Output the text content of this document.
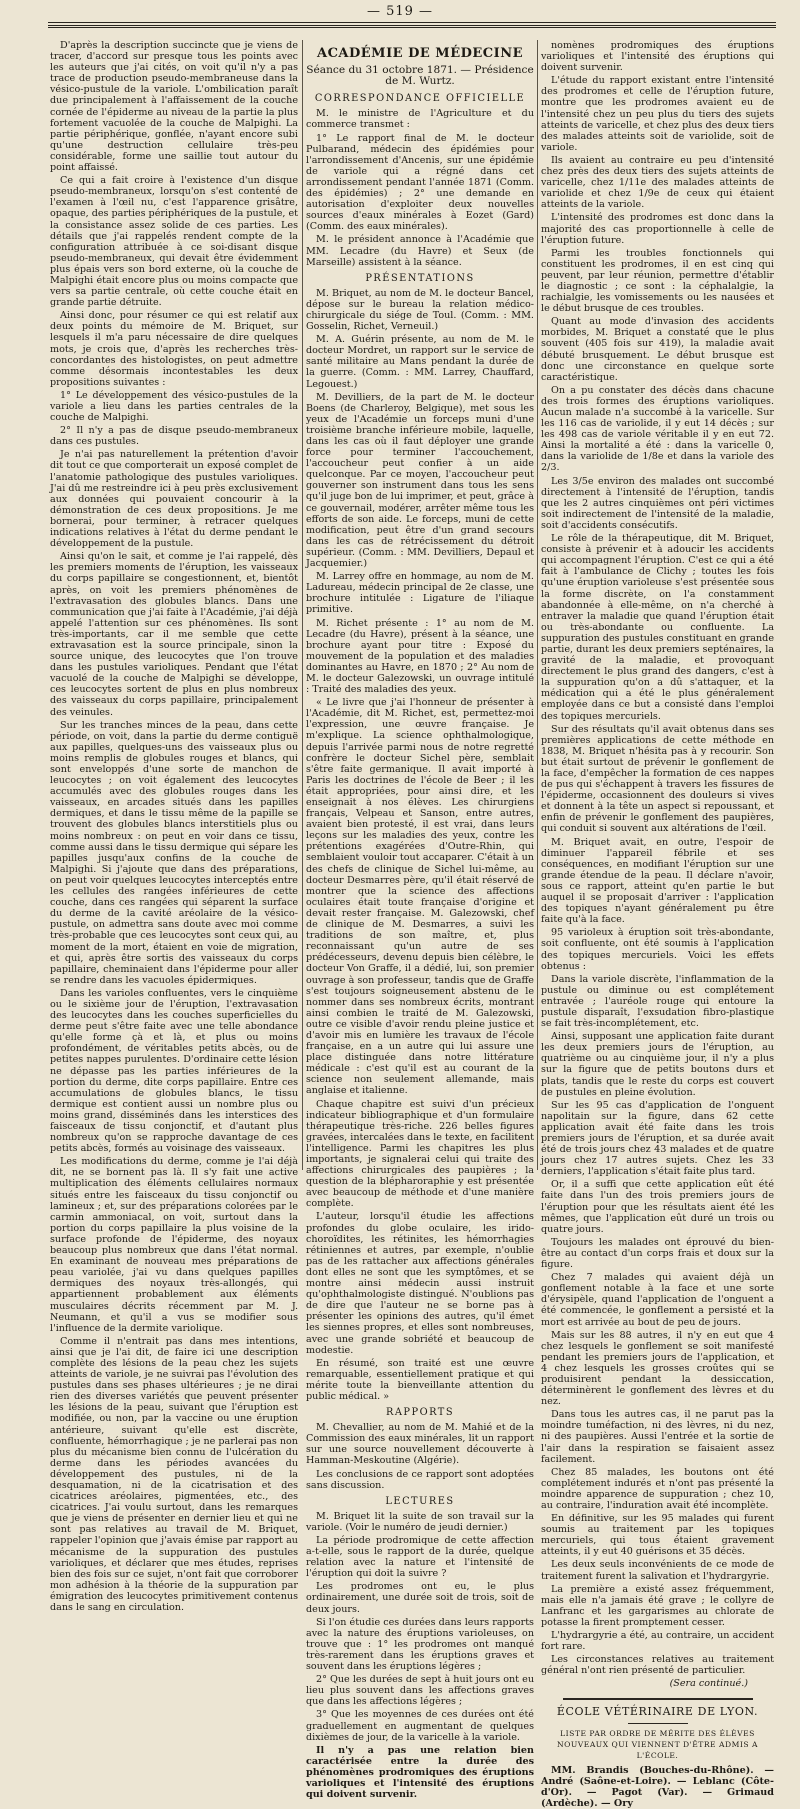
— 519 —

D'après la description succincte que je viens de tracer, d'accord sur presque tous les points avec les auteurs que j'ai cités, on voit qu'il n'y a pas trace de production pseudo-membraneuse dans la vésico-pustule de la variole. L'ombilication paraît due principalement à l'affaissement de la couche cornée de l'épiderme au niveau de la partie la plus fortement vacuolée de la couche de Malpighi. La partie périphérique, gonflée, n'ayant encore subi qu'une destruction cellulaire très-peu considérable, forme une saillie tout autour du point affaissé.

Ce qui a fait croire à l'existence d'un disque pseudo-membraneux, lorsqu'on s'est contenté de l'examen à l'œil nu, c'est l'apparence grisâtre, opaque, des parties périphériques de la pustule, et la consistance assez solide de ces parties. Les détails que j'ai rappelés rendent compte de la configuration attribuée à ce soi-disant disque pseudo-membraneux, qui devait être évidemment plus épais vers son bord externe, où la couche de Malpighi était encore plus ou moins compacte que vers sa partie centrale, où cette couche était en grande partie détruite.

Ainsi donc, pour résumer ce qui est relatif aux deux points du mémoire de M. Briquet, sur lesquels il m'a paru nécessaire de dire quelques mots, je crois que, d'après les recherches très-concordantes des histologistes, on peut admettre comme désormais incontestables les deux propositions suivantes :

1° Le développement des vésico-pustules de la variole a lieu dans les parties centrales de la couche de Malpighi.

2° Il n'y a pas de disque pseudo-membraneux dans ces pustules.

Je n'ai pas naturellement la prétention d'avoir dit tout ce que comporterait un exposé complet de l'anatomie pathologique des pustules varioliques. J'ai dû me restreindre ici à peu près exclusivement aux données qui pouvaient concourir à la démonstration de ces deux propositions. Je me bornerai, pour terminer, à retracer quelques indications relatives à l'état du derme pendant le développement de la pustule.

Ainsi qu'on le sait, et comme je l'ai rappelé, dès les premiers moments de l'éruption, les vaisseaux du corps papillaire se congestionnent, et, bientôt après, on voit les premiers phénomènes de l'extravasation des globules blancs. Dans une communication que j'ai faite à l'Académie, j'ai déjà appelé l'attention sur ces phénomènes. Ils sont très-importants, car il me semble que cette extravasation est la source principale, sinon la source unique, des leucocytes que l'on trouve dans les pustules varioliques. Pendant que l'état vacuolé de la couche de Malpighi se développe, ces leucocytes sortent de plus en plus nombreux des vaisseaux du corps papillaire, principalement des veinules.

Sur les tranches minces de la peau, dans cette période, on voit, dans la partie du derme contiguë aux papilles, quelques-uns des vaisseaux plus ou moins remplis de globules rouges et blancs, qui sont enveloppés d'une sorte de manchon de leucocytes ; on voit également des leucocytes accumulés avec des globules rouges dans les vaisseaux, en arcades situés dans les papilles dermiques, et dans le tissu même de la papille se trouvent des globules blancs interstitiels plus ou moins nombreux : on peut en voir dans ce tissu, comme aussi dans le tissu dermique qui sépare les papilles jusqu'aux confins de la couche de Malpighi. Si j'ajoute que dans des préparations, on peut voir quelques leucocytes interceptés entre les cellules des rangées inférieures de cette couche, dans ces rangées qui séparent la surface du derme de la cavité aréolaire de la vésico-pustule, on admettra sans doute avec moi comme très-probable que ces leucocytes sont ceux qui, au moment de la mort, étaient en voie de migration, et qui, après être sortis des vaisseaux du corps papillaire, cheminaient dans l'épiderme pour aller se rendre dans les vacuoles épidermiques.

Dans les varioles confluentes, vers le cinquième ou le sixième jour de l'éruption, l'extravasation des leucocytes dans les couches superficielles du derme peut s'être faite avec une telle abondance qu'elle forme çà et là, et plus ou moins profondément, de véritables petits abcès, ou de petites nappes purulentes. D'ordinaire cette lésion ne dépasse pas les parties inférieures de la portion du derme, dite corps papillaire. Entre ces accumulations de globules blancs, le tissu dermique est contient aussi un nombre plus ou moins grand, disséminés dans les interstices des faisceaux de tissu conjonctif, et d'autant plus nombreux qu'on se rapproche davantage de ces petits abcès, formés au voisinage des vaisseaux.

Les modifications du derme, comme je l'ai déjà dit, ne se bornent pas là. Il s'y fait une active multiplication des éléments cellulaires normaux situés entre les faisceaux du tissu conjonctif ou lamineux ; et, sur des préparations colorées par le carmin ammoniacal, on voit, surtout dans la portion du corps papillaire la plus voisine de la surface profonde de l'épiderme, des noyaux beaucoup plus nombreux que dans l'état normal. En examinant de nouveau mes préparations de peau variolée, j'ai vu dans quelques papilles dermiques des noyaux très-allongés, qui appartiennent probablement aux éléments musculaires décrits récemment par M. J. Neumann, et qu'il a vus se modifier sous l'influence de la dermite variolique.

Comme il n'entrait pas dans mes intentions, ainsi que je l'ai dit, de faire ici une description complète des lésions de la peau chez les sujets atteints de variole, je ne suivrai pas l'évolution des pustules dans ses phases ultérieures ; je ne dirai rien des diverses variétés que peuvent présenter les lésions de la peau, suivant que l'éruption est modifiée, ou non, par la vaccine ou une éruption antérieure, suivant qu'elle est discrète, confluente, hémorrhagique ; je ne parlerai pas non plus du mécanisme bien connu de l'ulcération du derme dans les périodes avancées du développement des pustules, ni de la desquamation, ni de la cicatrisation et des cicatrices aréolaires, pigmentées, etc., des cicatrices. J'ai voulu surtout, dans les remarques que je viens de présenter en dernier lieu et qui ne sont pas relatives au travail de M. Briquet, rappeler l'opinion que j'avais émise par rapport au mécanisme de la suppuration des pustules varioliques, et déclarer que mes études, reprises bien des fois sur ce sujet, n'ont fait que corroborer mon adhésion à la théorie de la suppuration par émigration des leucocytes primitivement contenus dans le sang en circulation.

ACADÉMIE DE MÉDECINE
Séance du 31 octobre 1871. — Présidence de M. Wurtz.
CORRESPONDANCE OFFICIELLE

M. le ministre de l'Agriculture et du commerce transmet :

1° Le rapport final de M. le docteur Pulbarand, médecin des épidémies pour l'arrondissement d'Ancenis, sur une épidémie de variole qui a régné dans cet arrondissement pendant l'année 1871 (Comm. des épidémies) ; 2° une demande en autorisation d'exploiter deux nouvelles sources d'eaux minérales à Eozet (Gard) (Comm. des eaux minérales).

M. le président annonce à l'Académie que MM. Lecadre (du Havre) et Seux (de Marseille) assistent à la séance.

PRÉSENTATIONS

M. Briquet, au nom de M. le docteur Bancel, dépose sur le bureau la relation médico-chirurgicale du siége de Toul. (Comm. : MM. Gosselin, Richet, Verneuil.)

M. A. Guérin présente, au nom de M. le docteur Mordret, un rapport sur le service de santé militaire au Mans pendant la durée de la guerre. (Comm. : MM. Larrey, Chauffard, Legouest.)

M. Devilliers, de la part de M. le docteur Boens (de Charleroy, Belgique), met sous les yeux de l'Académie un forceps muni d'une troisième branche inférieure mobile, laquelle, dans les cas où il faut déployer une grande force pour terminer l'accouchement, l'accoucheur peut confier à un aide quelconque. Par ce moyen, l'accoucheur peut gouverner son instrument dans tous les sens qu'il juge bon de lui imprimer, et peut, grâce à ce gouvernail, modérer, arrêter même tous les efforts de son aide. Le forceps, muni de cette modification, peut être d'un grand secours dans les cas de rétrécissement du détroit supérieur. (Comm. : MM. Devilliers, Depaul et Jacquemier.)

M. Larrey offre en hommage, au nom de M. Ladureau, médecin principal de 2e classe, une brochure intitulée : Ligature de l'iliaque primitive.

M. Richet présente : 1° au nom de M. Lecadre (du Havre), présent à la séance, une brochure ayant pour titre : Exposé du mouvement de la population et des maladies dominantes au Havre, en 1870 ; 2° Au nom de M. le docteur Galezowski, un ouvrage intitulé : Traité des maladies des yeux.

« Le livre que j'ai l'honneur de présenter à l'Académie, dit M. Richet, est, permettez-moi l'expression, une œuvre française. Je m'explique. La science ophthalmologique, depuis l'arrivée parmi nous de notre regretté confrère le docteur Sichel père, semblait s'être faite germanique. Il avait importé à Paris les doctrines de l'école de Beer ; il les était appropriées, pour ainsi dire, et les enseignait à nos élèves. Les chirurgiens français, Velpeau et Sanson, entre autres, avaient bien protesté, il est vrai, dans leurs leçons sur les maladies des yeux, contre les prétentions exagérées d'Outre-Rhin, qui semblaient vouloir tout accaparer. C'était à un des chefs de clinique de Sichel lui-même, au docteur Desmarres père, qu'il était réservé de montrer que la science des affections oculaires était toute française d'origine et devait rester française. M. Galezowski, chef de clinique de M. Desmarres, a suivi les traditions de son maître, et, plus reconnaissant qu'un autre de ses prédécesseurs, devenu depuis bien célèbre, le docteur Von Graffe, il a dédié, lui, son premier ouvrage à son professeur, tandis que de Graffe s'est toujours soigneusement abstenu de le nommer dans ses nombreux écrits, montrant ainsi combien le traité de M. Galezowski, outre ce visible d'avoir rendu pleine justice et d'avoir mis en lumière les travaux de l'école française, en a un autre qui lui assure une place distinguée dans notre littérature médicale : c'est qu'il est au courant de la science non seulement allemande, mais anglaise et italienne.

Chaque chapitre est suivi d'un précieux indicateur bibliographique et d'un formulaire thérapeutique très-riche. 226 belles figures gravées, intercalées dans le texte, en facilitent l'intelligence. Parmi les chapitres les plus importants, je signalerai celui qui traite des affections chirurgicales des paupières ; la question de la blépharoraphie y est présentée avec beaucoup de méthode et d'une manière complète.

L'auteur, lorsqu'il étudie les affections profondes du globe oculaire, les irido-choroïdites, les rétinites, les hémorrhagies rétiniennes et autres, par exemple, n'oublie pas de les rattacher aux affections générales dont elles ne sont que les symptômes, et se montre ainsi médecin aussi instruit qu'ophthalmologiste distingué. N'oublions pas de dire que l'auteur ne se borne pas à présenter les opinions des autres, qu'il émet les siennes propres, et elles sont nombreuses, avec une grande sobriété et beaucoup de modestie.

En résumé, son traité est une œuvre remarquable, essentiellement pratique et qui mérite toute la bienveillante attention du public médical. »

RAPPORTS

M. Chevallier, au nom de M. Mahié et de la Commission des eaux minérales, lit un rapport sur une source nouvellement découverte à Hamman-Meskoutine (Algérie).

Les conclusions de ce rapport sont adoptées sans discussion.

LECTURES

M. Briquet lit la suite de son travail sur la variole. (Voir le numéro de jeudi dernier.)

La période prodromique de cette affection a-t-elle, sous le rapport de la durée, quelque relation avec la nature et l'intensité de l'éruption qui doit la suivre ?

Les prodromes ont eu, le plus ordinairement, une durée soit de trois, soit de deux jours.

Si l'on étudie ces durées dans leurs rapports avec la nature des éruptions varioleuses, on trouve que : 1° les prodromes ont manqué très-rarement dans les éruptions graves et souvent dans les éruptions légères ;

2° Que les durées de sept à huit jours ont eu lieu plus souvent dans les affections graves que dans les affections légères ;

3° Que les moyennes de ces durées ont été graduellement en augmentant de quelques dixièmes de jour, de la varicelle à la variole.

Il n'y a pas une relation bien caractérisée entre la durée des phénomènes prodromiques des éruptions varioliques et l'intensité des éruptions qui doivent survenir.

nomènes prodromiques des éruptions varioliques et l'intensité des éruptions qui doivent survenir.

L'étude du rapport existant entre l'intensité des prodromes et celle de l'éruption future, montre que les prodromes avaient eu de l'intensité chez un peu plus du tiers des sujets atteints de varicelle, et chez plus des deux tiers des malades atteints soit de variolide, soit de variole.

Ils avaient au contraire eu peu d'intensité chez près des deux tiers des sujets atteints de varicelle, chez 1/11e des malades atteints de variolide et chez 1/9e de ceux qui étaient atteints de la variole.

L'intensité des prodromes est donc dans la majorité des cas proportionnelle à celle de l'éruption future.

Parmi les troubles fonctionnels qui constituent les prodromes, il en est cinq qui peuvent, par leur réunion, permettre d'établir le diagnostic ; ce sont : la céphalalgie, la rachialgie, les vomissements ou les nausées et le début brusque de ces troubles.

Quant au mode d'invasion des accidents morbides, M. Briquet a constaté que le plus souvent (405 fois sur 419), la maladie avait débuté brusquement. Le début brusque est donc une circonstance en quelque sorte caractéristique.

On a pu constater des décès dans chacune des trois formes des éruptions varioliques. Aucun malade n'a succombé à la varicelle. Sur les 116 cas de variolide, il y eut 14 décès ; sur les 498 cas de variole véritable il y en eut 72. Ainsi la mortalité a été : dans la varicelle 0, dans la variolide de 1/8e et dans la variole des 2/3.

Les 3/5e environ des malades ont succombé directement à l'intensité de l'éruption, tandis que les 2 autres cinquièmes ont péri victimes soit indirectement de l'intensité de la maladie, soit d'accidents consécutifs.

Le rôle de la thérapeutique, dit M. Briquet, consiste à prévenir et à adoucir les accidents qui accompagnent l'éruption. C'est ce qui a été fait à l'ambulance de Clichy ; toutes les fois qu'une éruption varioleuse s'est présentée sous la forme discrète, on l'a constamment abandonnée à elle-même, on n'a cherché à entraver la maladie que quand l'éruption était ou très-abondante ou confluente. La suppuration des pustules constituant en grande partie, durant les deux premiers septénaires, la gravité de la maladie, et provoquant directement le plus grand des dangers, c'est à la suppuration qu'on a dû s'attaquer, et la médication qui a été le plus généralement employée dans ce but a consisté dans l'emploi des topiques mercuriels.

Sur des résultats qu'il avait obtenus dans ses premières applications de cette méthode en 1838, M. Briquet n'hésita pas à y recourir. Son but était surtout de prévenir le gonflement de la face, d'empêcher la formation de ces nappes de pus qui s'échappent à travers les fissures de l'épiderme, occasionnent des douleurs si vives et donnent à la tête un aspect si repoussant, et enfin de prévenir le gonflement des paupières, qui conduit si souvent aux altérations de l'œil.

M. Briquet avait, en outre, l'espoir de diminuer l'appareil fébrile et ses conséquences, en modifiant l'éruption sur une grande étendue de la peau. Il déclare n'avoir, sous ce rapport, atteint qu'en partie le but auquel il se proposait d'arriver : l'application des topiques n'ayant généralement pu être faite qu'à la face.

95 varioleux à éruption soit très-abondante, soit confluente, ont été soumis à l'application des topiques mercuriels. Voici les effets obtenus :

Dans la variole discrète, l'inflammation de la pustule ou diminue ou est complétement entravée ; l'auréole rouge qui entoure la pustule disparaît, l'exsudation fibro-plastique se fait très-incomplétement, etc.

Ainsi, supposant une application faite durant les deux premiers jours de l'éruption, au quatrième ou au cinquième jour, il n'y a plus sur la figure que de petits boutons durs et plats, tandis que le reste du corps est couvert de pustules en pleine évolution.

Sur les 95 cas d'application de l'onguent napolitain sur la figure, dans 62 cette application avait été faite dans les trois premiers jours de l'éruption, et sa durée avait été de trois jours chez 43 malades et de quatre jours chez 17 autres sujets. Chez les 33 derniers, l'application s'était faite plus tard.

Or, il a suffi que cette application eût été faite dans l'un des trois premiers jours de l'éruption pour que les résultats aient été les mêmes, que l'application eût duré un trois ou quatre jours.

Toujours les malades ont éprouvé du bien-être au contact d'un corps frais et doux sur la figure.

Chez 7 malades qui avaient déjà un gonflement notable à la face et une sorte d'érysipèle, quand l'application de l'onguent a été commencée, le gonflement a persisté et la mort est arrivée au bout de peu de jours.

Mais sur les 88 autres, il n'y en eut que 4 chez lesquels le gonflement se soit manifesté pendant les premiers jours de l'application, et 4 chez lesquels les grosses croûtes qui se produisirent pendant la dessiccation, déterminèrent le gonflement des lèvres et du nez.

Dans tous les autres cas, il ne parut pas la moindre tuméfaction, ni des lèvres, ni du nez, ni des paupières. Aussi l'entrée et la sortie de l'air dans la respiration se faisaient assez facilement.

Chez 85 malades, les boutons ont été complétement indurés et n'ont pas présenté la moindre apparence de suppuration ; chez 10, au contraire, l'induration avait été incomplète.

En définitive, sur les 95 malades qui furent soumis au traitement par les topiques mercuriels, qui tous étaient gravement atteints, il y eut 40 guérisons et 35 décès.

Les deux seuls inconvénients de ce mode de traitement furent la salivation et l'hydrargyrie.

La première a existé assez fréquemment, mais elle n'a jamais été grave ; le collyre de Lanfranc et les gargarismes au chlorate de potasse la firent promptement cesser.

L'hydrargyrie a été, au contraire, un accident fort rare.

Les circonstances relatives au traitement général n'ont rien présenté de particulier.

(Sera continué.)

ÉCOLE VÉTÉRINAIRE DE LYON.
LISTE PAR ORDRE DE MÉRITE DES ÉLÈVES NOUVEAUX QUI VIENNENT D'ÊTRE ADMIS A L'ÉCOLE.

MM. Brandis (Bouches-du-Rhône). — André (Saône-et-Loire). — Leblanc (Côte-d'Or). — Pagot (Var). — Grimaud (Ardèche). — Ory
